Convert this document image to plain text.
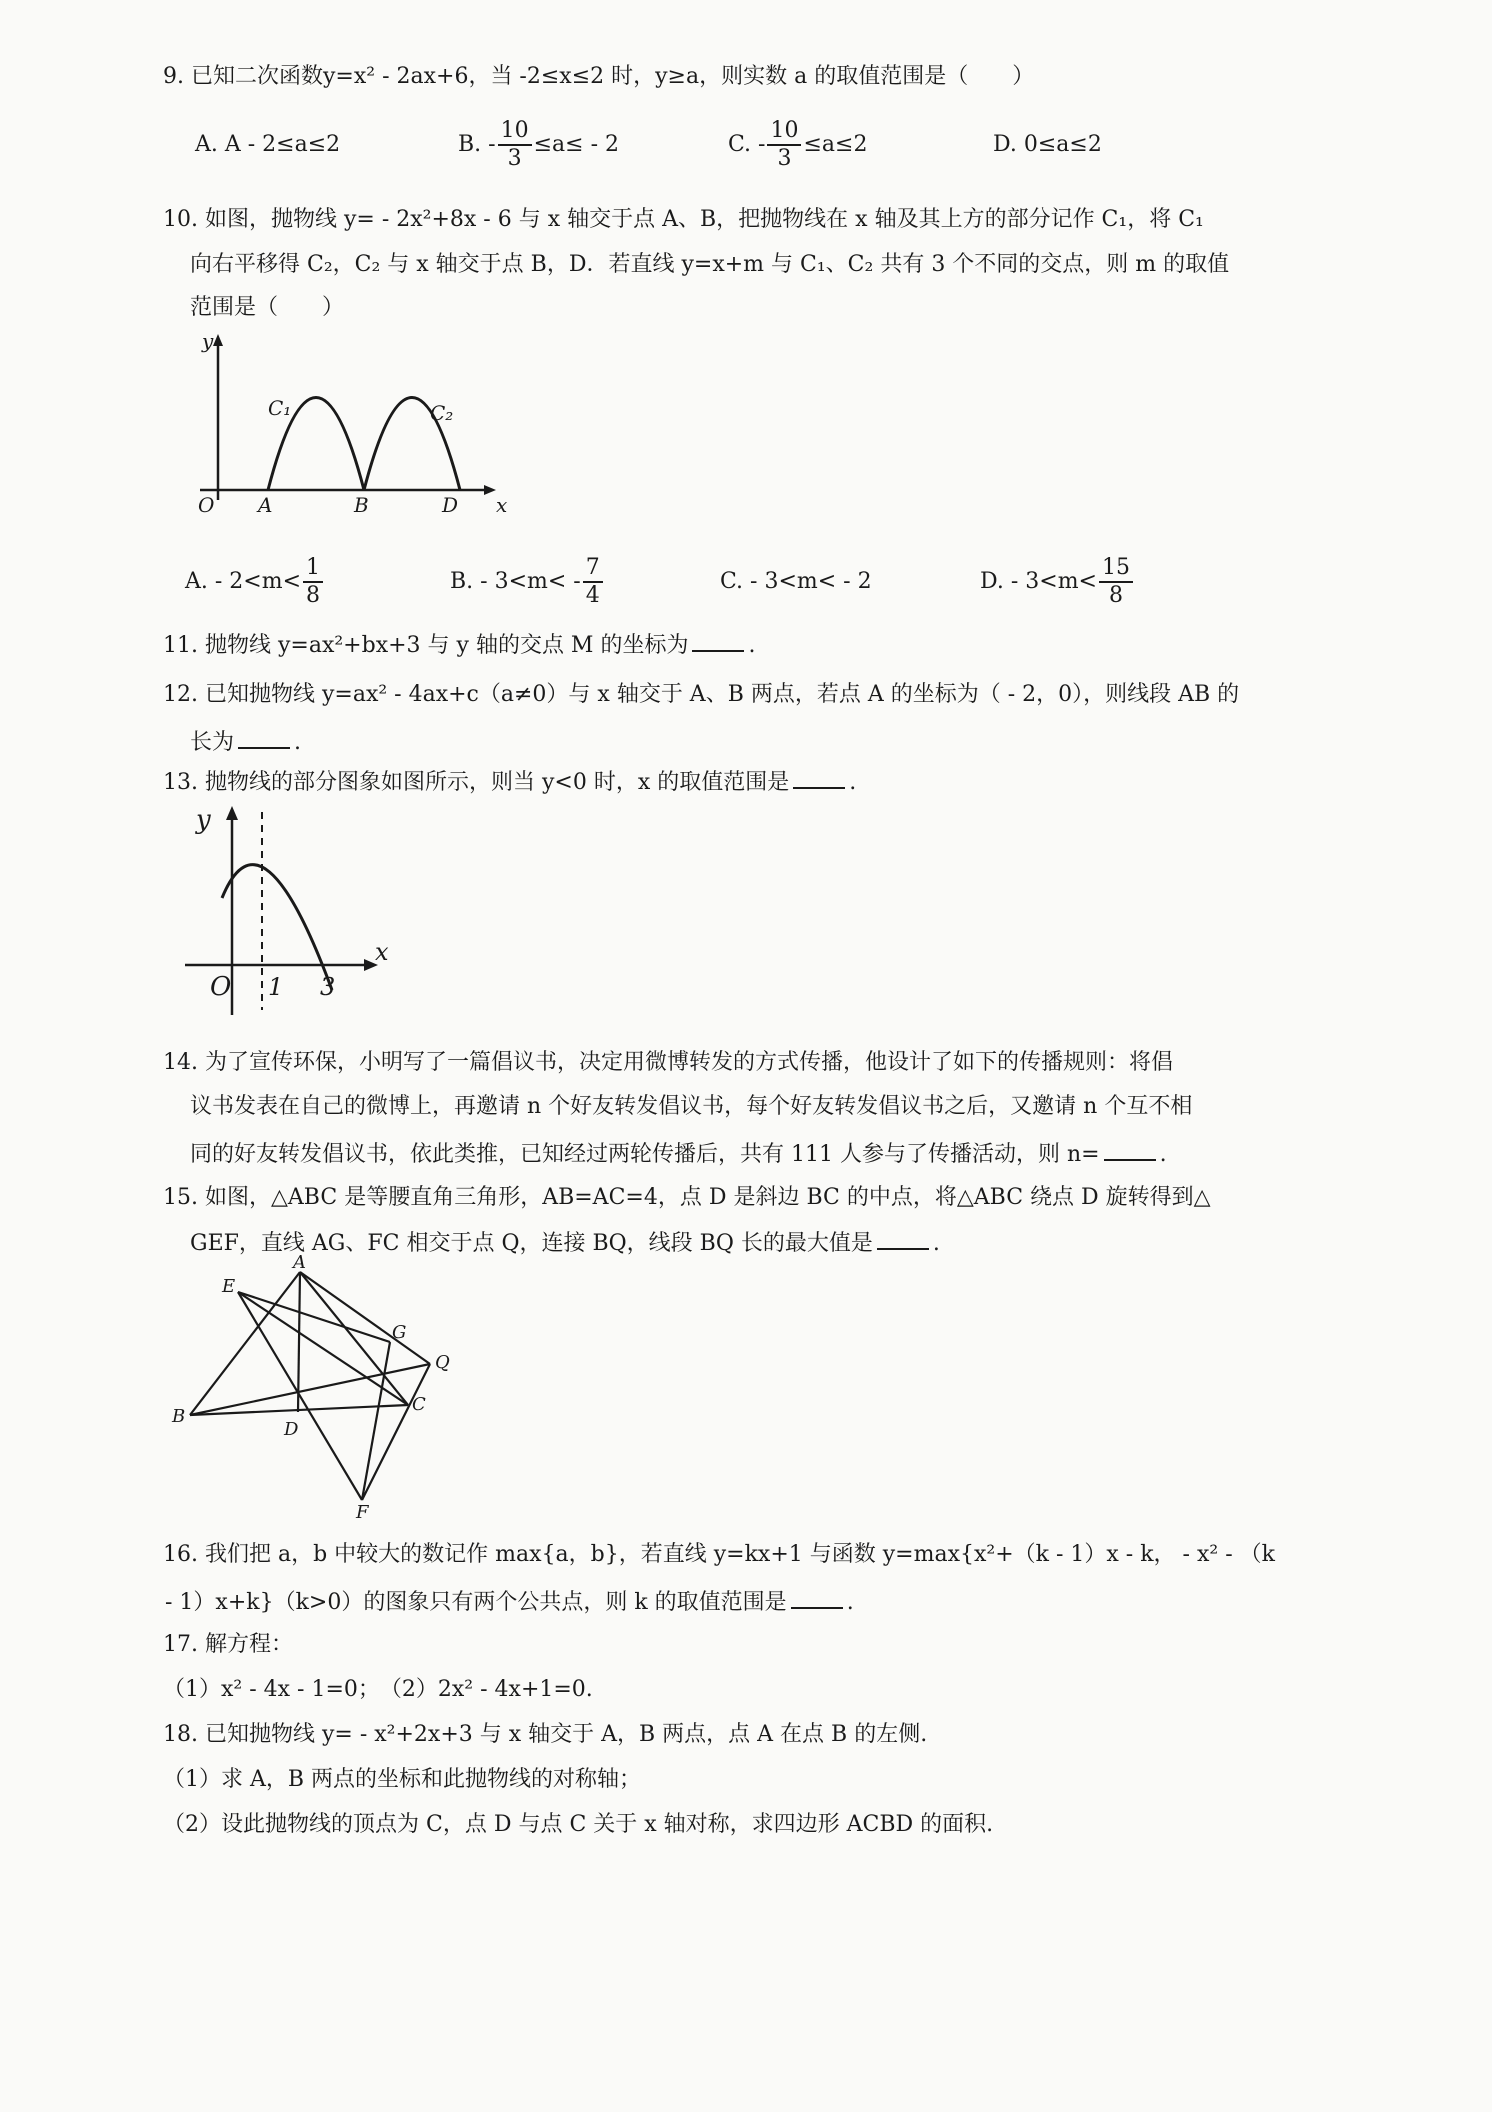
9. 已知二次函数y=x² - 2ax+6，当 -2≤x≤2 时，y≥a，则实数 a 的取值范围是（　　）
A. A - 2≤a≤2	B. - $\frac{10}{3} \le a\le - 2$	C. - $\frac{10}{3} \le a\le 2$	D. 0≤a≤2
10. 如图，抛物线 y= - 2x²+8x - 6 与 x 轴交于点 A、B，把抛物线在 x 轴及其上方的部分记作 C₁，将 C₁
向右平移得 C₂，C₂ 与 x 轴交于点 B，D．若直线 y=x+m 与 C₁、C₂ 共有 3 个不同的交点，则 m 的取值
范围是（　　）
y
O A	B	D x
C₁	C₂
A. - $2<m< \frac{1}{8}$	B. - $3<m< - \frac{7}{4}$	C. - 3<m< - 2	D. - $3<m< \frac{15}{8}$
11. 抛物线 y=ax²+bx+3 与 y 轴的交点 M 的坐标为	.
12. 已知抛物线 y=ax² - 4ax+c（a≠0）与 x 轴交于 A、B 两点，若点 A 的坐标为（ - 2，0），则线段 AB 的
长为	.
13. 抛物线的部分图象如图所示，则当 y<0 时，x 的取值范围是	.
y
x
O 1 3
14. 为了宣传环保，小明写了一篇倡议书，决定用微博转发的方式传播，他设计了如下的传播规则：将倡
议书发表在自己的微博上，再邀请 n 个好友转发倡议书，每个好友转发倡议书之后，又邀请 n 个互不相
同的好友转发倡议书，依此类推，已知经过两轮传播后，共有 111 人参与了传播活动，则 n=	.
15. 如图，△ABC 是等腰直角三角形，AB=AC=4，点 D 是斜边 BC 的中点，将△ABC 绕点 D 旋转得到△
GEF，直线 AG、FC 相交于点 Q，连接 BQ，线段 BQ 长的最大值是	.
A
E
G
Q
B
C
D
F
16. 我们把 a，b 中较大的数记作 max{a，b}，若直线 y=kx+1 与函数 y=max{x²+（k - 1）x - k， - x² - （k
- 1）x+k}（k>0）的图象只有两个公共点，则 k 的取值范围是	.
17. 解方程：
（1）x² - 4x - 1=0；　（2）2x² - 4x+1=0.
18. 已知抛物线 y= - x²+2x+3 与 x 轴交于 A，B 两点，点 A 在点 B 的左侧.
（1）求 A，B 两点的坐标和此抛物线的对称轴；
（2）设此抛物线的顶点为 C，点 D 与点 C 关于 x 轴对称，求四边形 ACBD 的面积.
